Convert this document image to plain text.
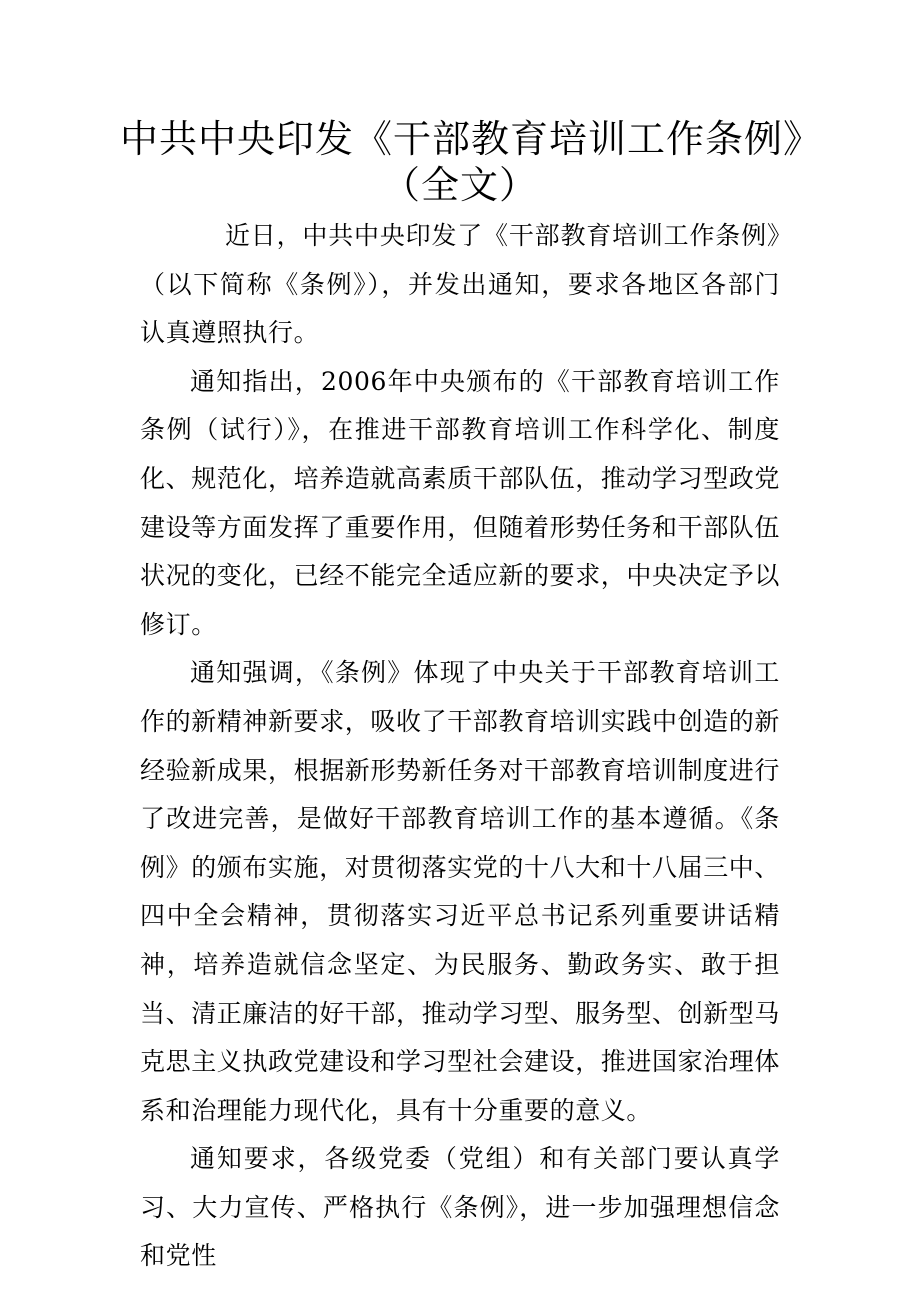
中共中央印发《干部教育培训工作条例》
（全文）

近日，中共中央印发了《干部教育培训工作条例》（以下简称《条例》），并发出通知，要求各地区各部门认真遵照执行。

通知指出，2006年中央颁布的《干部教育培训工作条例（试行）》，在推进干部教育培训工作科学化、制度化、规范化，培养造就高素质干部队伍，推动学习型政党建设等方面发挥了重要作用，但随着形势任务和干部队伍状况的变化，已经不能完全适应新的要求，中央决定予以修订。

通知强调，《条例》体现了中央关于干部教育培训工作的新精神新要求，吸收了干部教育培训实践中创造的新经验新成果，根据新形势新任务对干部教育培训制度进行了改进完善，是做好干部教育培训工作的基本遵循。《条例》的颁布实施，对贯彻落实党的十八大和十八届三中、四中全会精神，贯彻落实习近平总书记系列重要讲话精神，培养造就信念坚定、为民服务、勤政务实、敢于担当、清正廉洁的好干部，推动学习型、服务型、创新型马克思主义执政党建设和学习型社会建设，推进国家治理体系和治理能力现代化，具有十分重要的意义。

通知要求，各级党委（党组）和有关部门要认真学习、大力宣传、严格执行《条例》，进一步加强理想信念和党性
